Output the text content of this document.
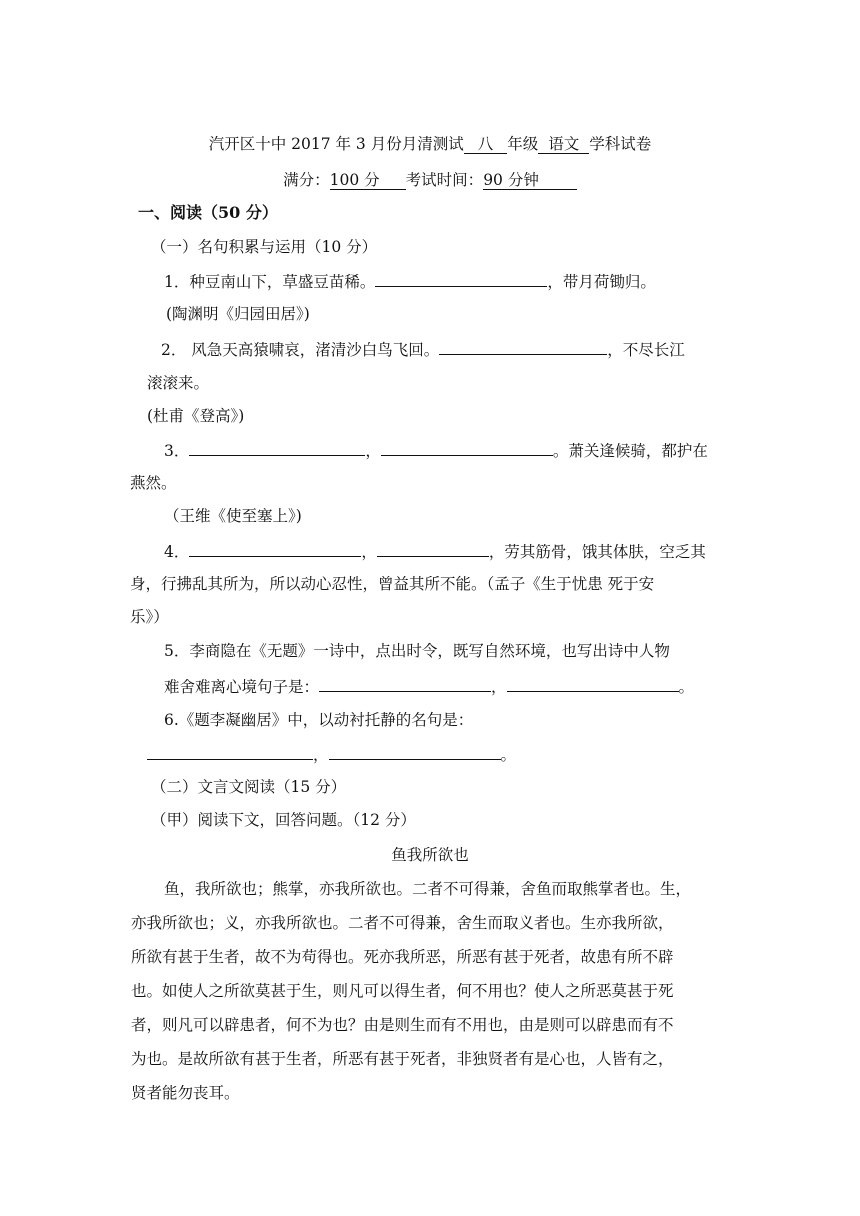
汽开区十中 2017 年 3 月份月清测试 八 年级 语文 学科试卷
满分：100 分 考试时间：90 分钟
一、阅读（50 分）
（一）名句积累与运用（10 分）
1．种豆南山下，草盛豆苗稀。	，带月荷锄归。
(陶渊明《归园田居》)
2． 风急天高猿啸哀，渚清沙白鸟飞回。	，不尽长江
滚滚来。
(杜甫《登高》)
3．	，	。萧关逢候骑，都护在
燕然。
（王维《使至塞上》)
4．	，	，劳其筋骨，饿其体肤，空乏其
身，行拂乱其所为，所以动心忍性，曾益其所不能。（孟子《生于忧患 死于安
乐》）
5．李商隐在《无题》一诗中，点出时令，既写自然环境，也写出诗中人物
难舍难离心境句子是：	，	。
6.《题李凝幽居》中，以动衬托静的名句是：
，	。
（二）文言文阅读（15 分）
（甲）阅读下文，回答问题。（12 分）
鱼我所欲也
鱼，我所欲也；熊掌，亦我所欲也。二者不可得兼，舍鱼而取熊掌者也。生，
亦我所欲也；义，亦我所欲也。二者不可得兼，舍生而取义者也。生亦我所欲，
所欲有甚于生者，故不为苟得也。死亦我所恶，所恶有甚于死者，故患有所不辟
也。如使人之所欲莫甚于生，则凡可以得生者，何不用也？使人之所恶莫甚于死
者，则凡可以辟患者，何不为也？由是则生而有不用也，由是则可以辟患而有不
为也。是故所欲有甚于生者，所恶有甚于死者，非独贤者有是心也，人皆有之，
贤者能勿丧耳。
